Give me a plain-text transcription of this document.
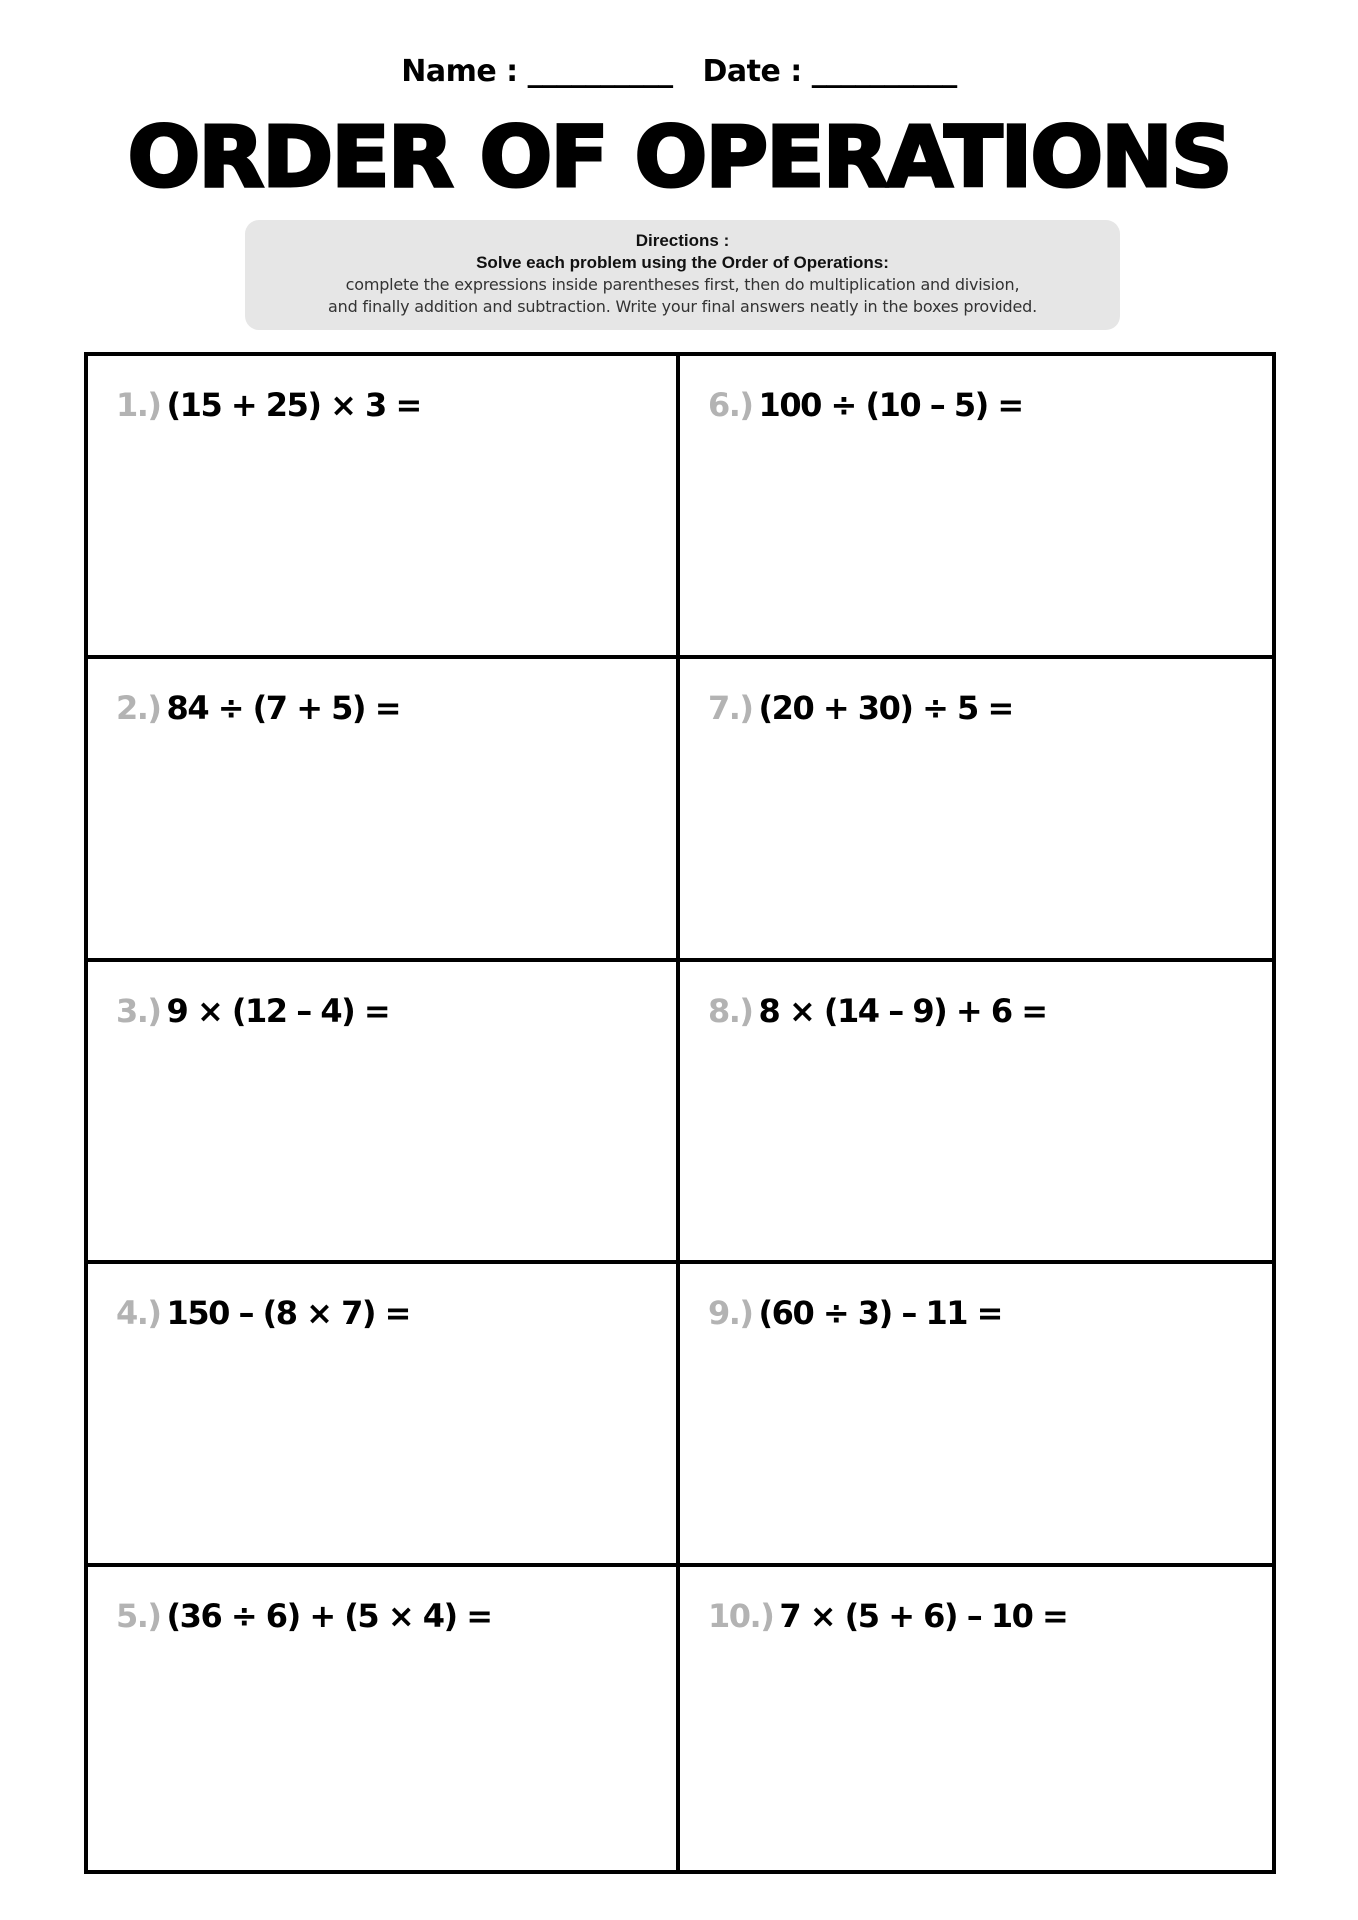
Name : __________ Date : __________
ORDER OF OPERATIONS
Directions :
Solve each problem using the Order of Operations:
complete the expressions inside parentheses first, then do multiplication and division,
and finally addition and subtraction. Write your final answers neatly in the boxes provided.
1.) (15 + 25) × 3 =	6.) 100 ÷ (10 – 5) =
2.) 84 ÷ (7 + 5) =	7.) (20 + 30) ÷ 5 =
3.) 9 × (12 – 4) =	8.) 8 × (14 – 9) + 6 =
4.) 150 – (8 × 7) =	9.) (60 ÷ 3) – 11 =
5.) (36 ÷ 6) + (5 × 4) =	10.) 7 × (5 + 6) – 10 =
